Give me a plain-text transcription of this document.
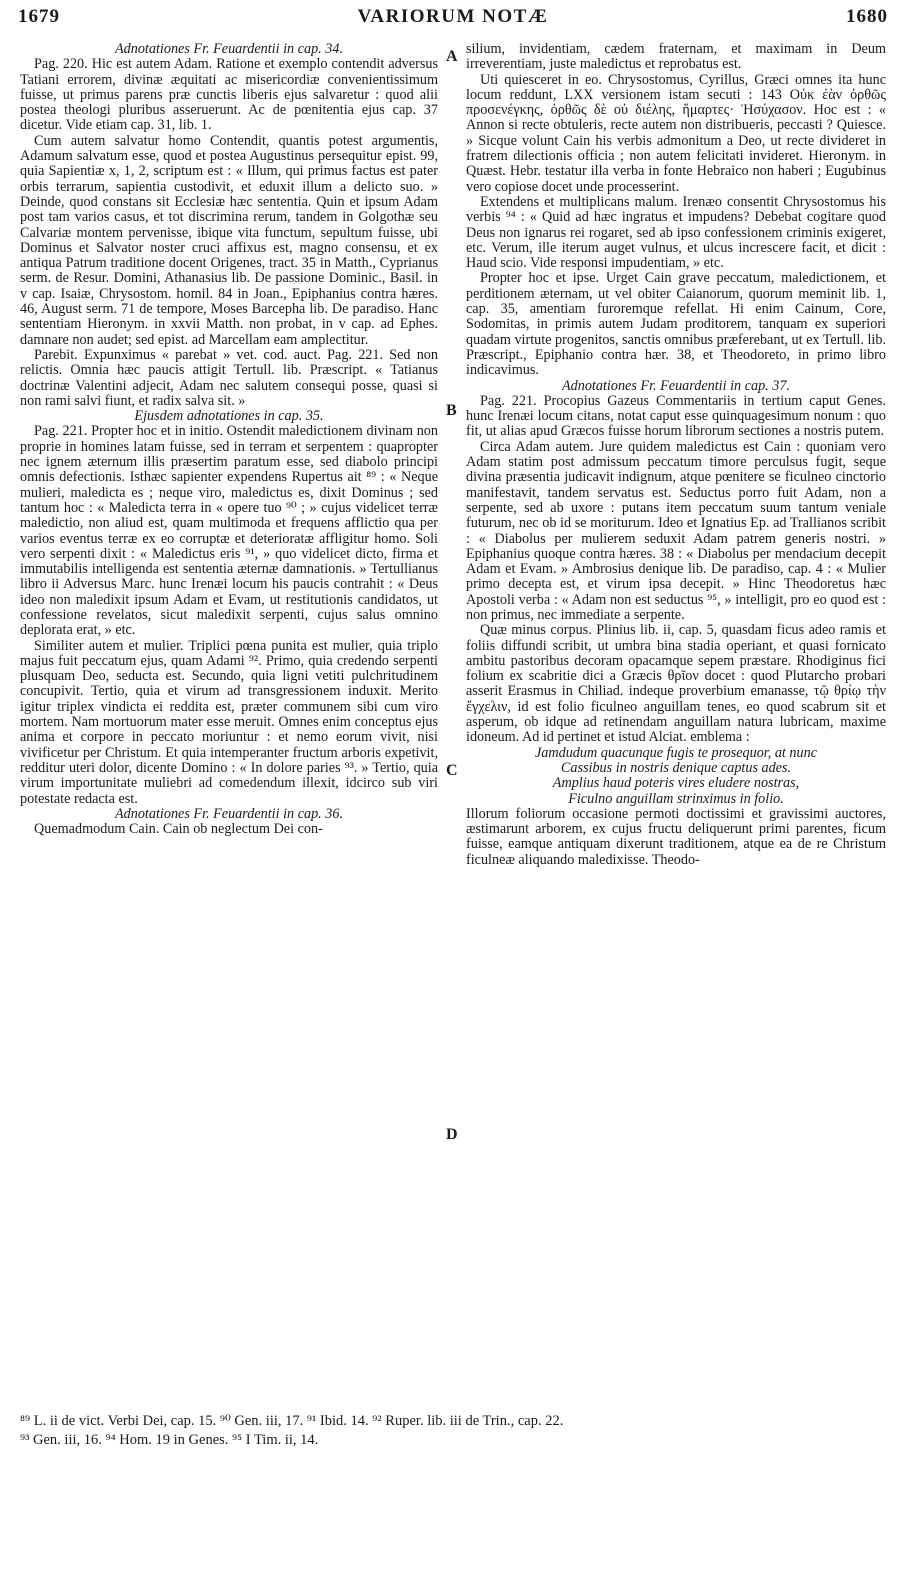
1679	VARIORUM NOTÆ	1680

Adnotationes Fr. Feuardentii in cap. 34.

Pag. 220. Hic est autem Adam. Ratione et exemplo contendit adversus Tatiani errorem, divinæ æquitati ac misericordiæ convenientissimum fuisse, ut primus parens præ cunctis liberis ejus salvaretur : quod alii postea theologi pluribus asseruerunt. Ac de pœnitentia ejus cap. 37 dicetur. Vide etiam cap. 31, lib. 1.

Cum autem salvatur homo Contendit, quantis potest argumentis, Adamum salvatum esse, quod et postea Augustinus persequitur epist. 99, quia Sapientiæ x, 1, 2, scriptum est : « Illum, qui primus factus est pater orbis terrarum, sapientia custodivit, et eduxit illum a delicto suo. » Deinde, quod constans sit Ecclesiæ hæc sententia. Quin et ipsum Adam post tam varios casus, et tot discrimina rerum, tandem in Golgothæ seu Calvariæ montem pervenisse, ibique vita functum, sepultum fuisse, ubi Dominus et Salvator noster cruci affixus est, magno consensu, et ex antiqua Patrum traditione docent Origenes, tract. 35 in Matth., Cyprianus serm. de Resur. Domini, Athanasius lib. De passione Dominic., Basil. in v cap. Isaiæ, Chrysostom. homil. 84 in Joan., Epiphanius contra hæres. 46, August serm. 71 de tempore, Moses Barcepha lib. De paradiso. Hanc sententiam Hieronym. in xxvii Matth. non probat, in v cap. ad Ephes. damnare non audet; sed epist. ad Marcellam eam amplectitur.

Parebit. Expunximus « parebat » vet. cod. auct. Pag. 221. Sed non relictis. Omnia hæc paucis attigit Tertull. lib. Præscript. « Tatianus doctrinæ Valentini adjecit, Adam nec salutem consequi posse, quasi si non rami salvi fiunt, et radix salva sit. »

Ejusdem adnotationes in cap. 35.

Pag. 221. Propter hoc et in initio. Ostendit maledictionem divinam non proprie in homines latam fuisse, sed in terram et serpentem : quapropter nec ignem æternum illis præsertim paratum esse, sed diabolo principi omnis defectionis. Isthæc sapienter expendens Rupertus ait ⁸⁹ : « Neque mulieri, maledicta es ; neque viro, maledictus es, dixit Dominus ; sed tantum hoc : « Maledicta terra in « opere tuo ⁹⁰ ; » cujus videlicet terræ maledictio, non aliud est, quam multimoda et frequens afflictio qua per varios eventus terræ ex eo corruptæ et deterioratæ affligitur homo. Soli vero serpenti dixit : « Maledictus eris ⁹¹, » quo videlicet dicto, firma et immutabilis intelligenda est sententia æternæ damnationis. » Tertullianus libro ii Adversus Marc. hunc Irenæi locum his paucis contrahit : « Deus ideo non maledixit ipsum Adam et Evam, ut restitutionis candidatos, ut confessione revelatos, sicut maledixit serpenti, cujus salus omnino deplorata erat, » etc.

Similiter autem et mulier. Triplici pœna punita est mulier, quia triplo majus fuit peccatum ejus, quam Adami ⁹². Primo, quia credendo serpenti plusquam Deo, seducta est. Secundo, quia ligni vetiti pulchritudinem concupivit. Tertio, quia et virum ad transgressionem induxit. Merito igitur triplex vindicta ei reddita est, præter communem sibi cum viro mortem. Nam mortuorum mater esse meruit. Omnes enim conceptus ejus anima et corpore in peccato moriuntur : et nemo eorum vivit, nisi vivificetur per Christum. Et quia intemperanter fructum arboris expetivit, redditur uteri dolor, dicente Domino : « In dolore paries ⁹³. » Tertio, quia virum importunitate muliebri ad comedendum illexit, idcirco sub viri potestate redacta est.

Adnotationes Fr. Feuardentii in cap. 36.

Quemadmodum Cain. Cain ob neglectum Dei con-

silium, invidentiam, cædem fraternam, et maximam in Deum irreverentiam, juste maledictus et reprobatus est.

Uti quiesceret in eo. Chrysostomus, Cyrillus, Græci omnes ita hunc locum reddunt, LXX versionem istam secuti : 143 Οὐκ ἐὰν ὀρθῶς προσενέγκης, ὀρθῶς δὲ οὐ διέλης, ἥμαρτες· Ἡσύχασον. Hoc est : « Annon si recte obtuleris, recte autem non distribueris, peccasti ? Quiesce. » Sicque volunt Cain his verbis admonitum a Deo, ut recte divideret in fratrem dilectionis officia ; non autem felicitati invideret. Hieronym. in Quæst. Hebr. testatur illa verba in fonte Hebraico non haberi ; Eugubinus vero copiose docet unde processerint.

Extendens et multiplicans malum. Irenæo consentit Chrysostomus his verbis ⁹⁴ : « Quid ad hæc ingratus et impudens? Debebat cogitare quod Deus non ignarus rei rogaret, sed ab ipso confessionem criminis exigeret, etc. Verum, ille iterum auget vulnus, et ulcus increscere facit, et dicit : Haud scio. Vide responsi impudentiam, » etc.

Propter hoc et ipse. Urget Cain grave peccatum, maledictionem, et perditionem æternam, ut vel obiter Caianorum, quorum meminit lib. 1, cap. 35, amentiam furoremque refellat. Hi enim Cainum, Core, Sodomitas, in primis autem Judam proditorem, tanquam ex superiori quadam virtute progenitos, sanctis omnibus præferebant, ut ex Tertull. lib. Præscript., Epiphanio contra hær. 38, et Theodoreto, in primo libro indicavimus.

Adnotationes Fr. Feuardentii in cap. 37.

Pag. 221. Procopius Gazeus Commentariis in tertium caput Genes. hunc Irenæi locum citans, notat caput esse quinquagesimum nonum : quo fit, ut alias apud Græcos fuisse horum librorum sectiones a nostris putem.

Circa Adam autem. Jure quidem maledictus est Cain : quoniam vero Adam statim post admissum peccatum timore perculsus fugit, seque divina præsentia judicavit indignum, atque pœnitere se ficulneo cinctorio manifestavit, tandem servatus est. Seductus porro fuit Adam, non a serpente, sed ab uxore : putans item peccatum suum tantum veniale futurum, nec ob id se moriturum. Ideo et Ignatius Ep. ad Trallianos scribit : « Diabolus per mulierem seduxit Adam patrem generis nostri. » Epiphanius quoque contra hæres. 38 : « Diabolus per mendacium decepit Adam et Evam. » Ambrosius denique lib. De paradiso, cap. 4 : « Mulier primo decepta est, et virum ipsa decepit. » Hinc Theodoretus hæc Apostoli verba : « Adam non est seductus ⁹⁵, » intelligit, pro eo quod est : non primus, nec immediate a serpente.

Quæ minus corpus. Plinius lib. ii, cap. 5, quasdam ficus adeo ramis et foliis diffundi scribit, ut umbra bina stadia operiant, et quasi fornicato ambitu pastoribus decoram opacamque sepem præstare. Rhodiginus fici folium ex scabritie dici a Græcis θρῖον docet : quod Plutarcho probari asserit Erasmus in Chiliad. indeque proverbium emanasse, τῷ θρίῳ τὴν ἔγχελιν, id est folio ficulneo anguillam tenes, eo quod scabrum sit et asperum, ob idque ad retinendam anguillam natura lubricam, maxime idoneum. Ad id pertinet et istud Alciat. emblema :

Jamdudum quacunque fugis te prosequor, at nunc

Cassibus in nostris denique captus ades.

Amplius haud poteris vires eludere nostras,

Ficulno anguillam strinximus in folio.

Illorum foliorum occasione permoti doctissimi et gravissimi auctores, æstimarunt arborem, ex cujus fructu deliquerunt primi parentes, ficum fuisse, eamque antiquam dixerunt traditionem, atque ea de re Christum ficulneæ aliquando maledixisse. Theodo-

A
B
C
D

⁸⁹ L. ii de vict. Verbi Dei, cap. 15. ⁹⁰ Gen. iii, 17. ⁹¹ Ibid. 14. ⁹² Ruper. lib. iii de Trin., cap. 22.

⁹³ Gen. iii, 16. ⁹⁴ Hom. 19 in Genes. ⁹⁵ I Tim. ii, 14.
